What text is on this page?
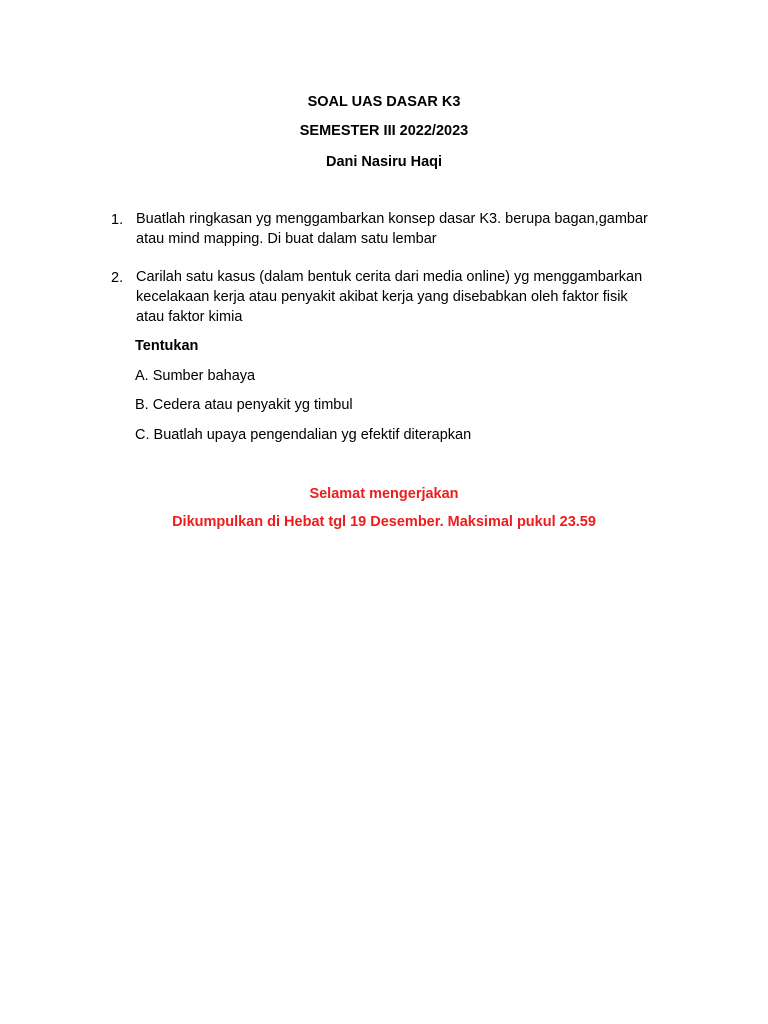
SOAL UAS DASAR K3
SEMESTER III 2022/2023
Dani Nasiru Haqi
1. Buatlah ringkasan yg menggambarkan konsep dasar K3. berupa bagan,gambar
atau mind mapping. Di buat dalam satu lembar
2. Carilah satu kasus (dalam bentuk cerita dari media online) yg menggambarkan
kecelakaan kerja atau penyakit akibat kerja yang disebabkan oleh faktor fisik
atau faktor kimia
Tentukan
A. Sumber bahaya
B. Cedera atau penyakit yg timbul
C. Buatlah upaya pengendalian yg efektif diterapkan
Selamat mengerjakan
Dikumpulkan di Hebat tgl 19 Desember. Maksimal pukul 23.59
